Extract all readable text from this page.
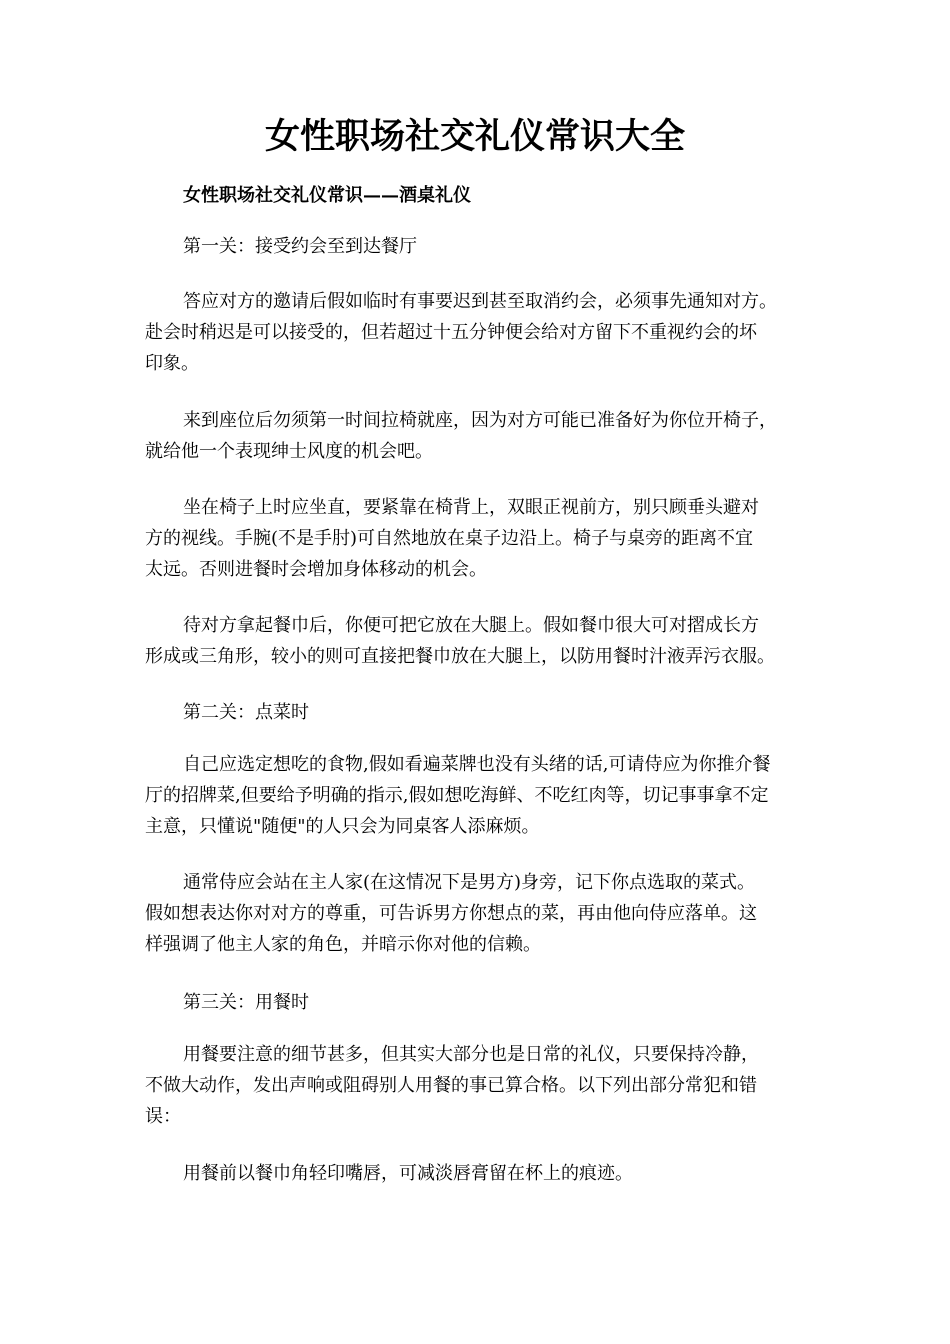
女性职场社交礼仪常识大全

女性职场社交礼仪常识——酒桌礼仪

第一关：接受约会至到达餐厅

答应对方的邀请后假如临时有事要迟到甚至取消约会，必须事先通知对方。
赴会时稍迟是可以接受的，但若超过十五分钟便会给对方留下不重视约会的坏
印象。
来到座位后勿须第一时间拉椅就座，因为对方可能已准备好为你位开椅子，
就给他一个表现绅士风度的机会吧。
坐在椅子上时应坐直，要紧靠在椅背上，双眼正视前方，别只顾垂头避对
方的视线。手腕(不是手肘)可自然地放在桌子边沿上。椅子与桌旁的距离不宜
太远。否则进餐时会增加身体移动的机会。
待对方拿起餐巾后，你便可把它放在大腿上。假如餐巾很大可对摺成长方
形成或三角形，较小的则可直接把餐巾放在大腿上，以防用餐时汁液弄污衣服。

第二关：点菜时

自己应选定想吃的食物,假如看遍菜牌也没有头绪的话,可请侍应为你推介餐
厅的招牌菜,但要给予明确的指示,假如想吃海鲜、不吃红肉等，切记事事拿不定
主意，只懂说"随便"的人只会为同桌客人添麻烦。
通常侍应会站在主人家(在这情况下是男方)身旁，记下你点选取的菜式。
假如想表达你对对方的尊重，可告诉男方你想点的菜，再由他向侍应落单。这
样强调了他主人家的角色，并暗示你对他的信赖。

第三关：用餐时

用餐要注意的细节甚多，但其实大部分也是日常的礼仪，只要保持冷静，
不做大动作，发出声响或阻碍别人用餐的事已算合格。以下列出部分常犯和错
误：
用餐前以餐巾角轻印嘴唇，可减淡唇膏留在杯上的痕迹。
